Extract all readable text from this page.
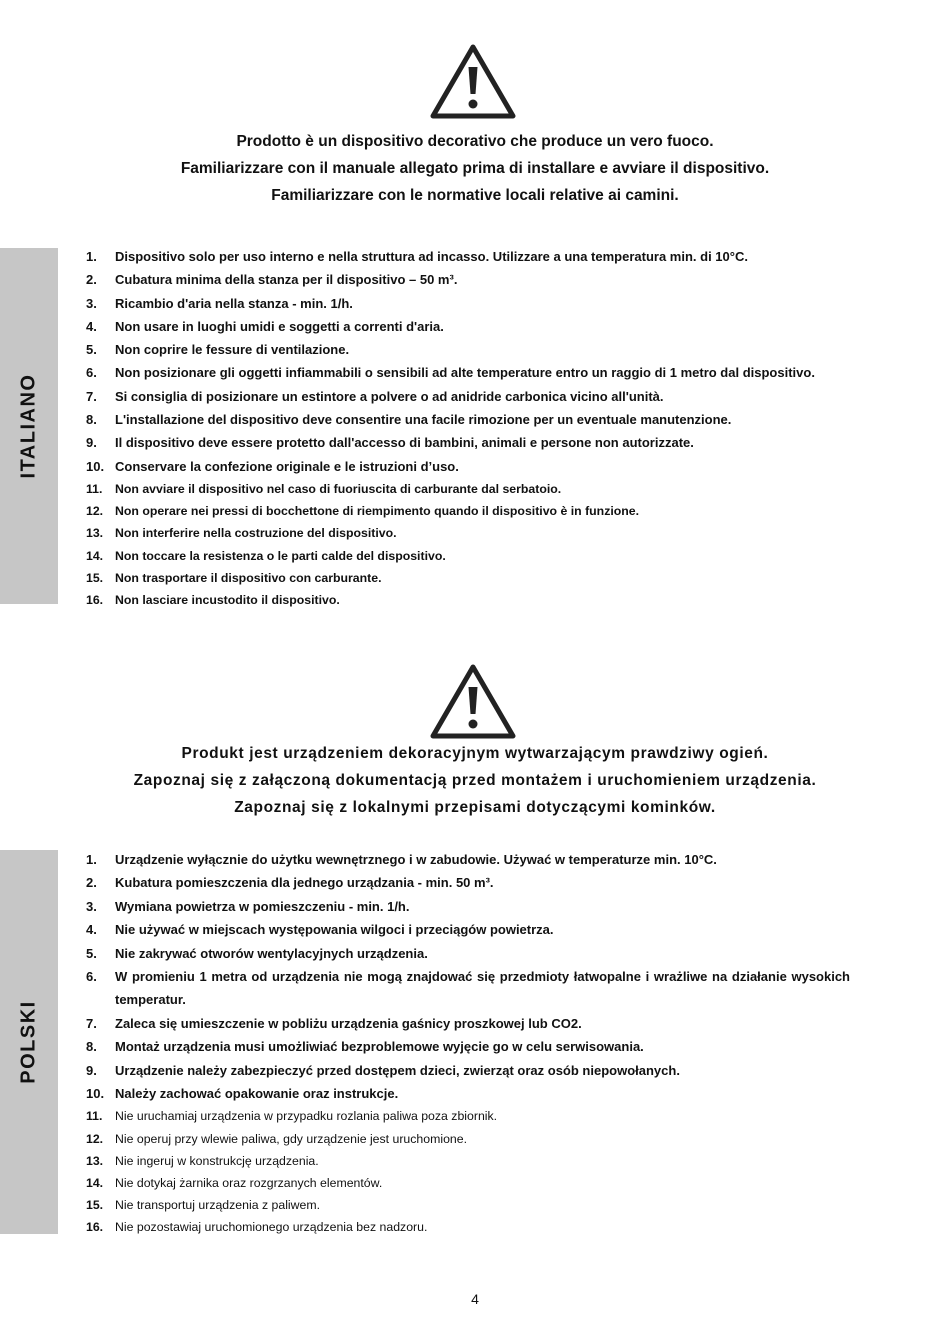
Prodotto è un dispositivo decorativo che produce un vero fuoco.

Familiarizzare con il manuale allegato prima di installare e avviare il dispositivo.

Familiarizzare con le normative locali relative ai camini.

ITALIANO
1.	Dispositivo solo per uso interno e nella struttura ad incasso. Utilizzare a una temperatura min. di 10°C.
2.	Cubatura minima della stanza per il dispositivo – 50 m³.
3.	Ricambio d'aria nella stanza - min. 1/h.
4.	Non usare in luoghi umidi e soggetti a correnti d'aria.
5.	Non coprire le fessure di ventilazione.
6.	Non posizionare gli oggetti infiammabili o sensibili ad alte temperature entro un raggio di 1 metro dal dispositivo.
7.	Si consiglia di posizionare un estintore a polvere o ad anidride carbonica vicino all'unità.
8.	L'installazione del dispositivo deve consentire una facile rimozione per un eventuale manutenzione.
9.	Il dispositivo deve essere protetto dall'accesso di bambini, animali e persone non autorizzate.
10. Conservare la confezione originale e le istruzioni d’uso.
11.	Non avviare il dispositivo nel caso di fuoriuscita di carburante dal serbatoio.
12. Non operare nei pressi di bocchettone di riempimento quando il dispositivo è in funzione.
13. Non interferire nella costruzione del dispositivo.
14. Non toccare la resistenza o le parti calde del dispositivo.
15. Non trasportare il dispositivo con carburante.
16. Non lasciare incustodito il dispositivo.

Produkt jest urządzeniem dekoracyjnym wytwarzającym prawdziwy ogień.

Zapoznaj się z załączoną dokumentacją przed montażem i uruchomieniem urządzenia.

Zapoznaj się z lokalnymi przepisami dotyczącymi kominków.

POLSKI
1.	Urządzenie wyłącznie do użytku wewnętrznego i w zabudowie. Używać w temperaturze min. 10°C.
2.	Kubatura pomieszczenia dla jednego urządzania - min. 50 m³.
3.	Wymiana powietrza w pomieszczeniu - min. 1/h.
4.	Nie używać w miejscach występowania wilgoci i przeciągów powietrza.
5.	Nie zakrywać otworów wentylacyjnych urządzenia.
6.	W promieniu 1 metra od urządzenia nie mogą znajdować się przedmioty łatwopalne i wrażliwe na działanie wysokich temperatur.
7.	Zaleca się umieszczenie w pobliżu urządzenia gaśnicy proszkowej lub CO2.
8.	Montaż urządzenia musi umożliwiać bezproblemowe wyjęcie go w celu serwisowania.
9.	Urządzenie należy zabezpieczyć przed dostępem dzieci, zwierząt oraz osób niepowołanych.
10. Należy zachować opakowanie oraz instrukcje.
11.	Nie uruchamiaj urządzenia w przypadku rozlania paliwa poza zbiornik.
12. Nie operuj przy wlewie paliwa, gdy urządzenie jest uruchomione.
13. Nie ingeruj w konstrukcję urządzenia.
14. Nie dotykaj żarnika oraz rozgrzanych elementów.
15. Nie transportuj urządzenia z paliwem.
16. Nie pozostawiaj uruchomionego urządzenia bez nadzoru.
4
